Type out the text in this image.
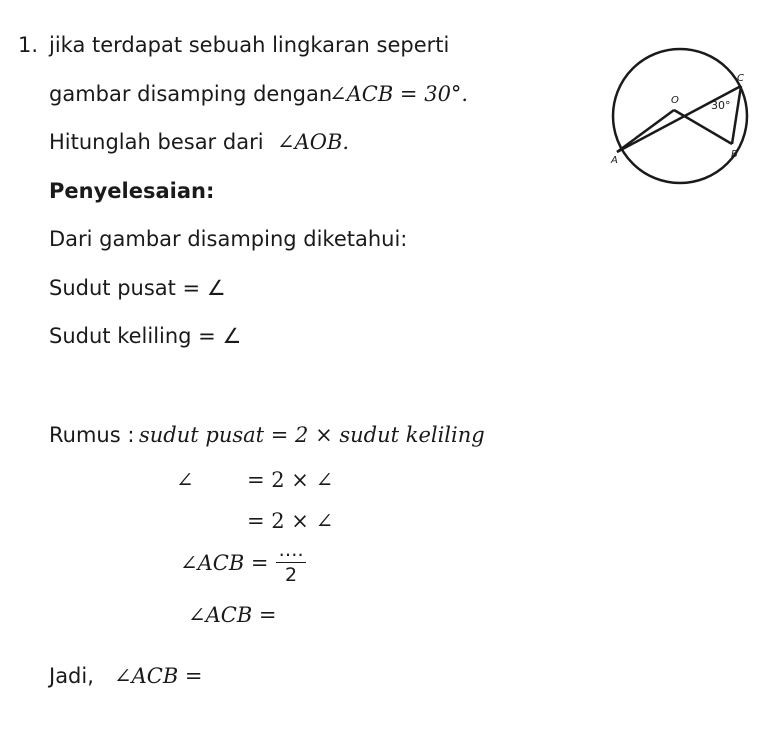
1. jika terdapat sebuah lingkaran seperti
gambar disamping dengan
∠ACB = 30°.
Hitunglah besar dari ∠AOB.
O
A
B
C
30°
Penyelesaian:
Dari gambar disamping diketahui:
Sudut pusat = ∠
Sudut keliling = ∠
Rumus : sudut pusat = 2 × sudut keliling
∠	= 2 × ∠
= 2 × ∠
∠ACB =
….
2
∠ACB =
Jadi, ∠ACB =
